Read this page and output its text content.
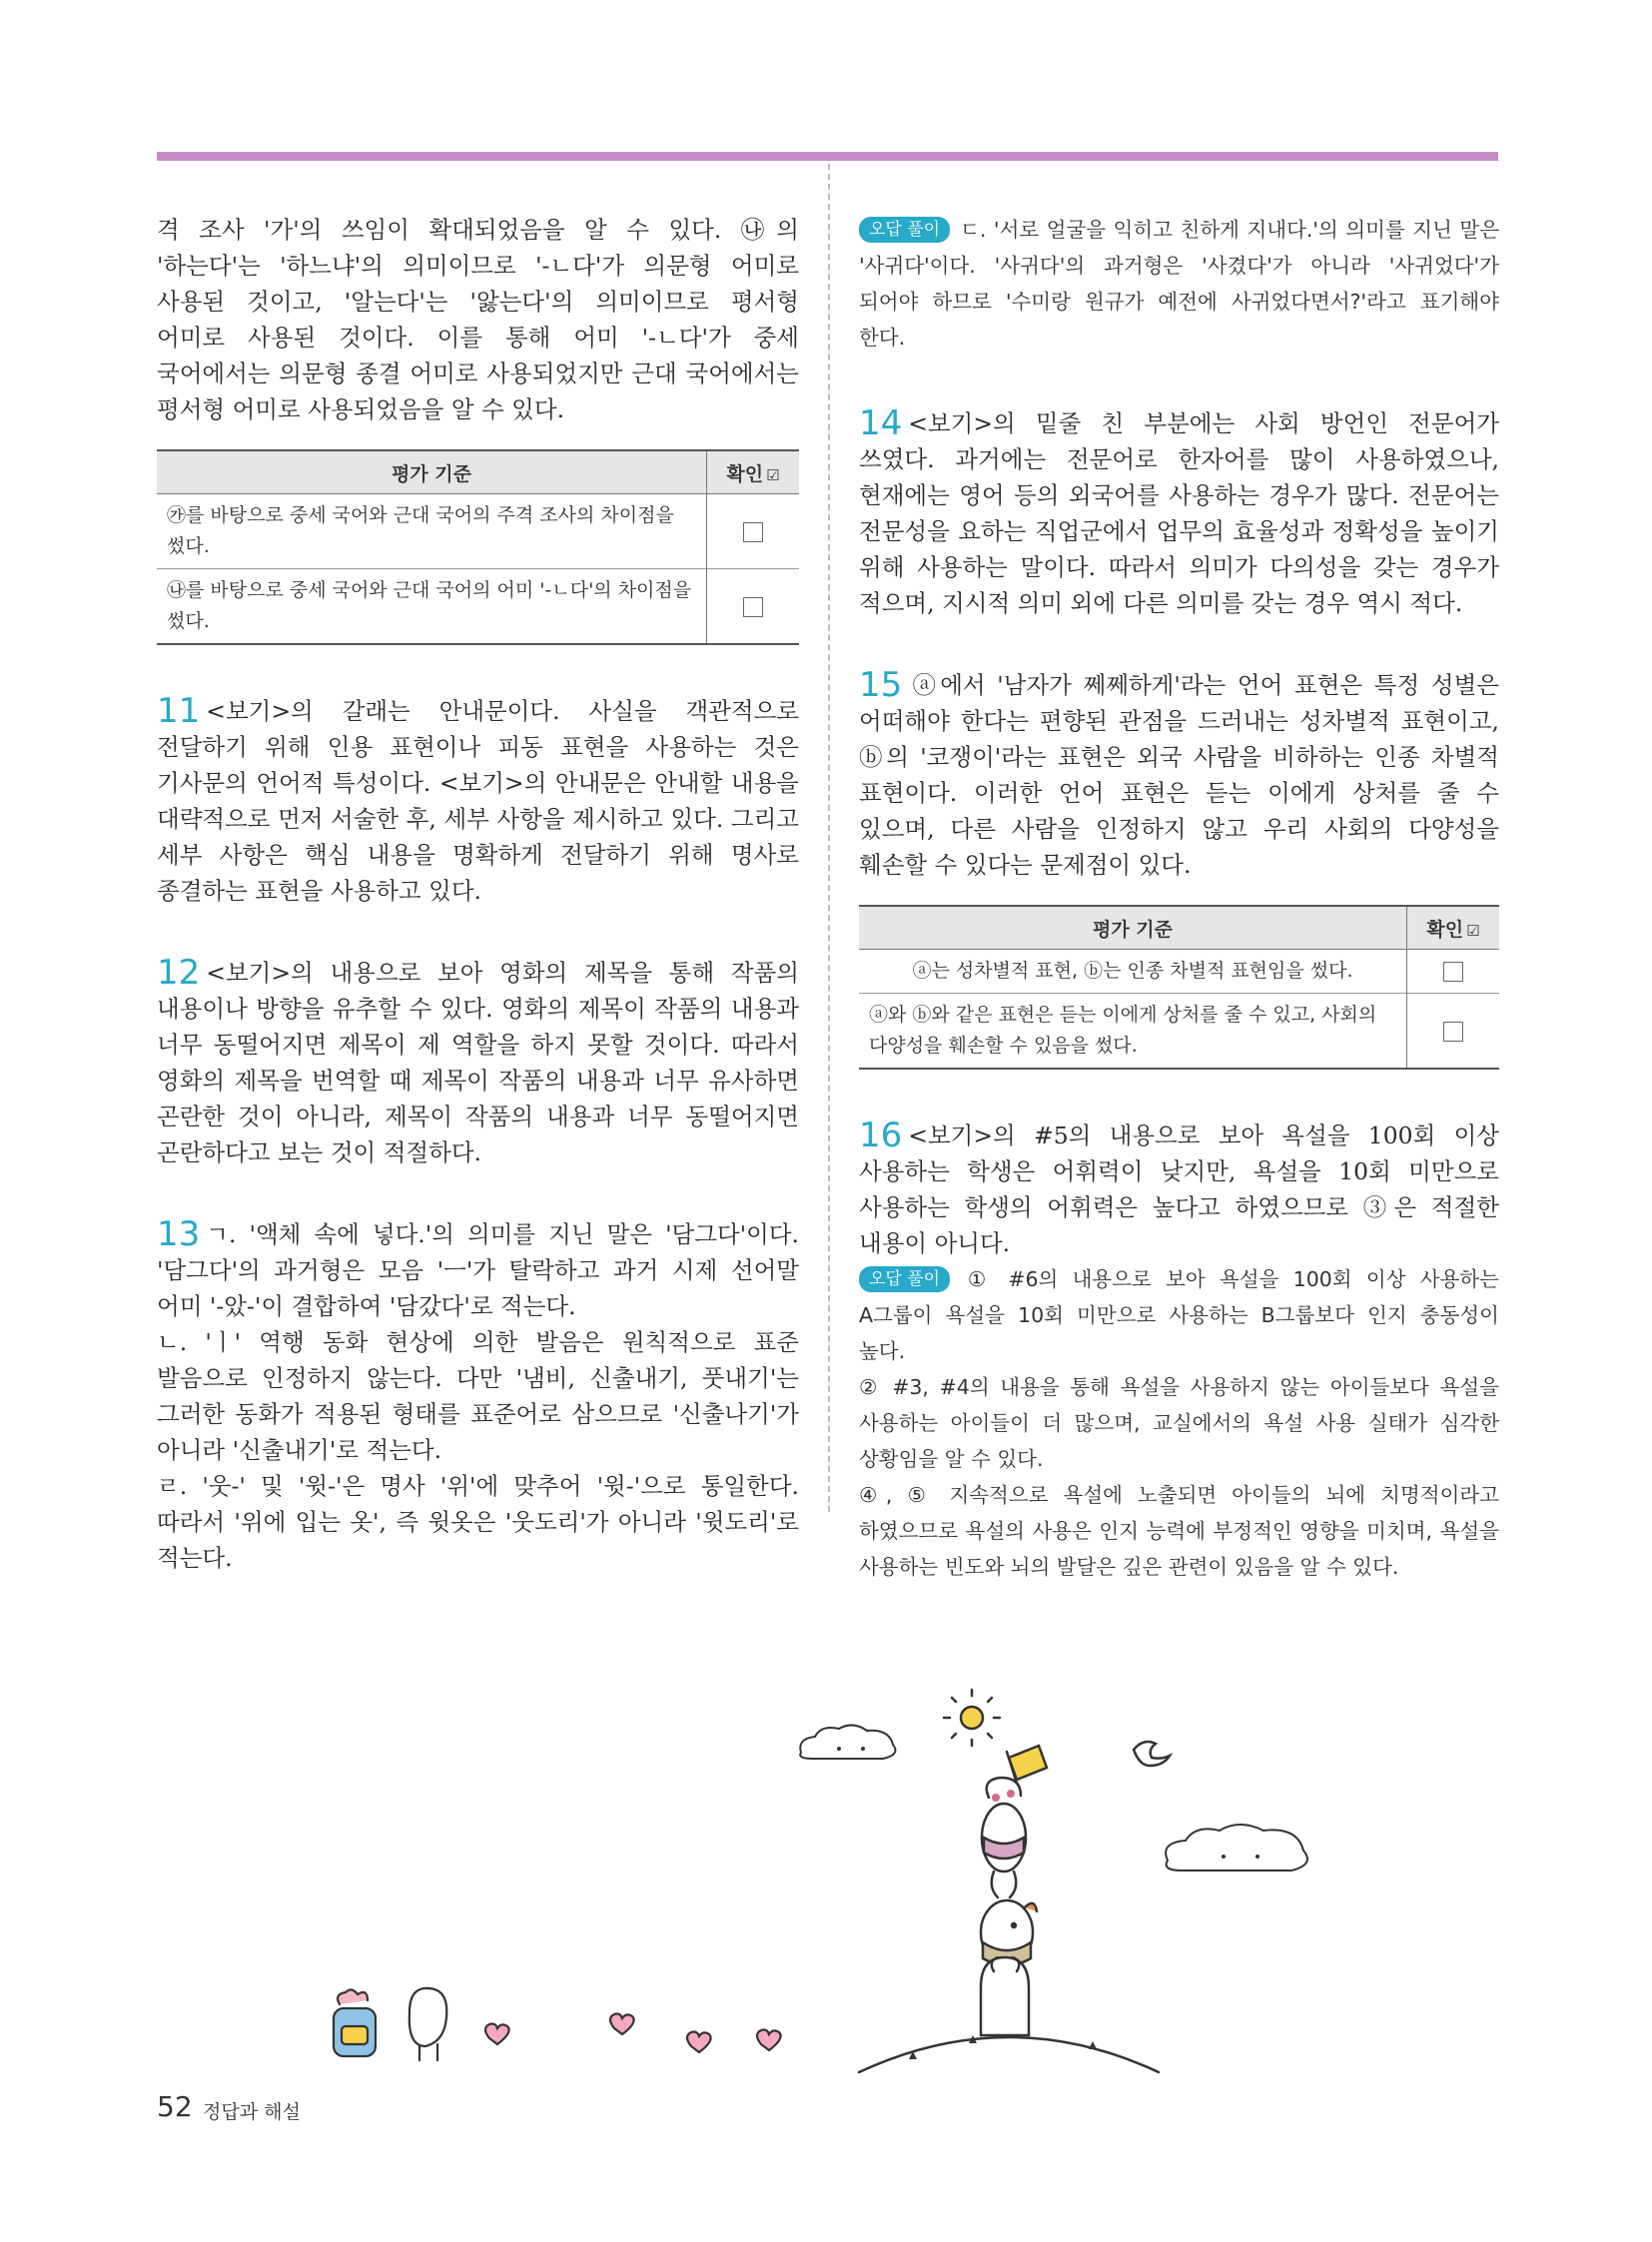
격 조사 '가'의 쓰임이 확대되었음을 알 수 있다. ㉯의 '하는다'는 '하느냐'의 의미이므로 '-ㄴ다'가 의문형 어미로 사용된 것이고, '알는다'는 '앓는다'의 의미이므로 평서형 어미로 사용된 것이다. 이를 통해 어미 '-ㄴ다'가 중세 국어에서는 의문형 종결 어미로 사용되었지만 근대 국어에서는 평서형 어미로 사용되었음을 알 수 있다.

평가 기준	확인 ☑
㉮를 바탕으로 중세 국어와 근대 국어의 주격 조사의 차이점을 썼다.	
㉯를 바탕으로 중세 국어와 근대 국어의 어미 '-ㄴ다'의 차이점을 썼다.	

11 <보기>의 갈래는 안내문이다. 사실을 객관적으로 전달하기 위해 인용 표현이나 피동 표현을 사용하는 것은 기사문의 언어적 특성이다. <보기>의 안내문은 안내할 내용을 대략적으로 먼저 서술한 후, 세부 사항을 제시하고 있다. 그리고 세부 사항은 핵심 내용을 명확하게 전달하기 위해 명사로 종결하는 표현을 사용하고 있다.

12 <보기>의 내용으로 보아 영화의 제목을 통해 작품의 내용이나 방향을 유추할 수 있다. 영화의 제목이 작품의 내용과 너무 동떨어지면 제목이 제 역할을 하지 못할 것이다. 따라서 영화의 제목을 번역할 때 제목이 작품의 내용과 너무 유사하면 곤란한 것이 아니라, 제목이 작품의 내용과 너무 동떨어지면 곤란하다고 보는 것이 적절하다.

13 ㄱ. '액체 속에 넣다.'의 의미를 지닌 말은 '담그다'이다. '담그다'의 과거형은 모음 'ㅡ'가 탈락하고 과거 시제 선어말 어미 '-았-'이 결합하여 '담갔다'로 적는다.

ㄴ. 'ㅣ' 역행 동화 현상에 의한 발음은 원칙적으로 표준 발음으로 인정하지 않는다. 다만 '냄비, 신출내기, 풋내기'는 그러한 동화가 적용된 형태를 표준어로 삼으므로 '신출나기'가 아니라 '신출내기'로 적는다.

ㄹ. '웃-' 및 '윗-'은 명사 '위'에 맞추어 '윗-'으로 통일한다. 따라서 '위에 입는 옷', 즉 윗옷은 '웃도리'가 아니라 '윗도리'로 적는다.

오답 풀이 ㄷ. '서로 얼굴을 익히고 친하게 지내다.'의 의미를 지닌 말은 '사귀다'이다. '사귀다'의 과거형은 '사겼다'가 아니라 '사귀었다'가 되어야 하므로 '수미랑 원규가 예전에 사귀었다면서?'라고 표기해야 한다.

14 <보기>의 밑줄 친 부분에는 사회 방언인 전문어가 쓰였다. 과거에는 전문어로 한자어를 많이 사용하였으나, 현재에는 영어 등의 외국어를 사용하는 경우가 많다. 전문어는 전문성을 요하는 직업군에서 업무의 효율성과 정확성을 높이기 위해 사용하는 말이다. 따라서 의미가 다의성을 갖는 경우가 적으며, 지시적 의미 외에 다른 의미를 갖는 경우 역시 적다.

15 ⓐ에서 '남자가 쩨쩨하게'라는 언어 표현은 특정 성별은 어떠해야 한다는 편향된 관점을 드러내는 성차별적 표현이고, ⓑ의 '코쟁이'라는 표현은 외국 사람을 비하하는 인종 차별적 표현이다. 이러한 언어 표현은 듣는 이에게 상처를 줄 수 있으며, 다른 사람을 인정하지 않고 우리 사회의 다양성을 훼손할 수 있다는 문제점이 있다.

평가 기준	확인 ☑
ⓐ는 성차별적 표현, ⓑ는 인종 차별적 표현임을 썼다.	
ⓐ와 ⓑ와 같은 표현은 듣는 이에게 상처를 줄 수 있고, 사회의 다양성을 훼손할 수 있음을 썼다.	

16 <보기>의 #5의 내용으로 보아 욕설을 100회 이상 사용하는 학생은 어휘력이 낮지만, 욕설을 10회 미만으로 사용하는 학생의 어휘력은 높다고 하였으므로 ③은 적절한 내용이 아니다.

오답 풀이 ① #6의 내용으로 보아 욕설을 100회 이상 사용하는 A그룹이 욕설을 10회 미만으로 사용하는 B그룹보다 인지 충동성이 높다.

② #3, #4의 내용을 통해 욕설을 사용하지 않는 아이들보다 욕설을 사용하는 아이들이 더 많으며, 교실에서의 욕설 사용 실태가 심각한 상황임을 알 수 있다.

④, ⑤ 지속적으로 욕설에 노출되면 아이들의 뇌에 치명적이라고 하였으므로 욕설의 사용은 인지 능력에 부정적인 영향을 미치며, 욕설을 사용하는 빈도와 뇌의 발달은 깊은 관련이 있음을 알 수 있다.

52 정답과 해설
